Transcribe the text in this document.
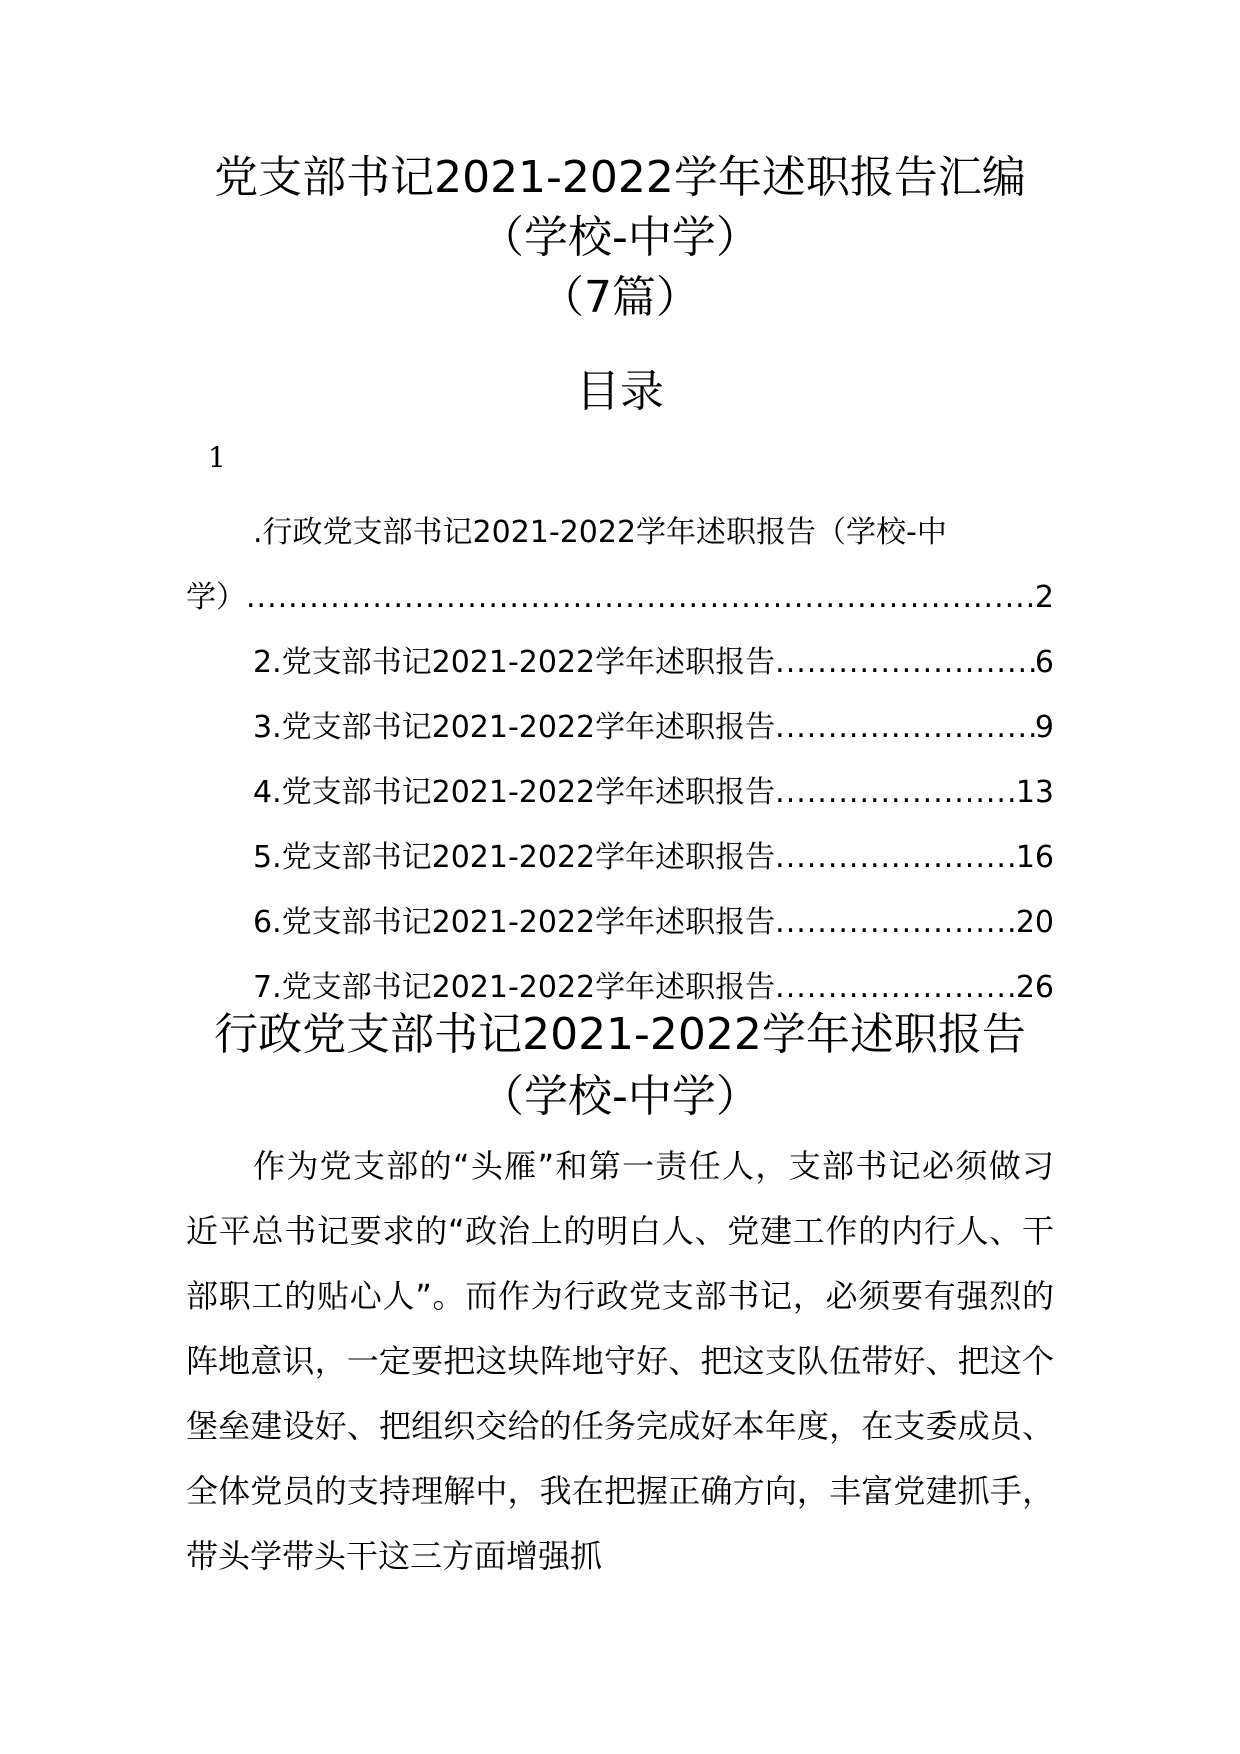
党支部书记2021-2022学年述职报告汇编
（学校-中学）
（7篇）
目录
1
.行政党支部书记2021-2022学年述职报告（学校-中
学） .....	2
2.党支部书记2021-2022学年述职报告 .....	6
3.党支部书记2021-2022学年述职报告 .....	9
4.党支部书记2021-2022学年述职报告 .....	13
5.党支部书记2021-2022学年述职报告 .....	16
6.党支部书记2021-2022学年述职报告 .....	20
7.党支部书记2021-2022学年述职报告 .....	26
行政党支部书记2021-2022学年述职报告
（学校-中学）

作为党支部的“头雁”和第一责任人，支部书记必须做习近平总书记要求的“政治上的明白人、党建工作的内行人、干部职工的贴心人”。而作为行政党支部书记，必须要有强烈的阵地意识，一定要把这块阵地守好、把这支队伍带好、把这个堡垒建设好、把组织交给的任务完成好本年度，在支委成员、全体党员的支持理解中，我在把握正确方向，丰富党建抓手，带头学带头干这三方面增强抓
